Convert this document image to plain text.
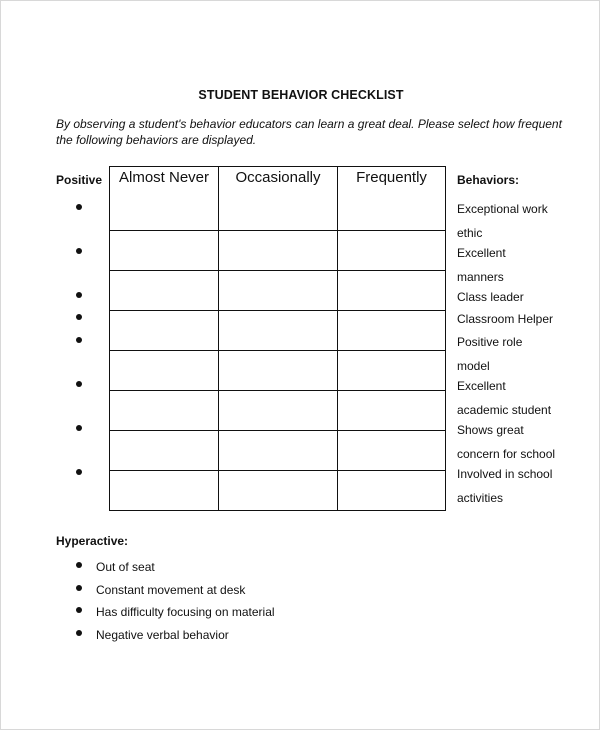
STUDENT BEHAVIOR CHECKLIST
By observing a student's behavior educators can learn a great deal. Please select how frequent the following behaviors are displayed.
Positive	Behaviors:
Almost Never	Occasionally	Frequently

Exceptional work
ethic
Excellent
manners
Class leader
Classroom Helper
Positive role
model
Excellent
academic student
Shows great
concern for school
Involved in school
activities
Hyperactive:
Out of seat
Constant movement at desk
Has difficulty focusing on material
Negative verbal behavior
